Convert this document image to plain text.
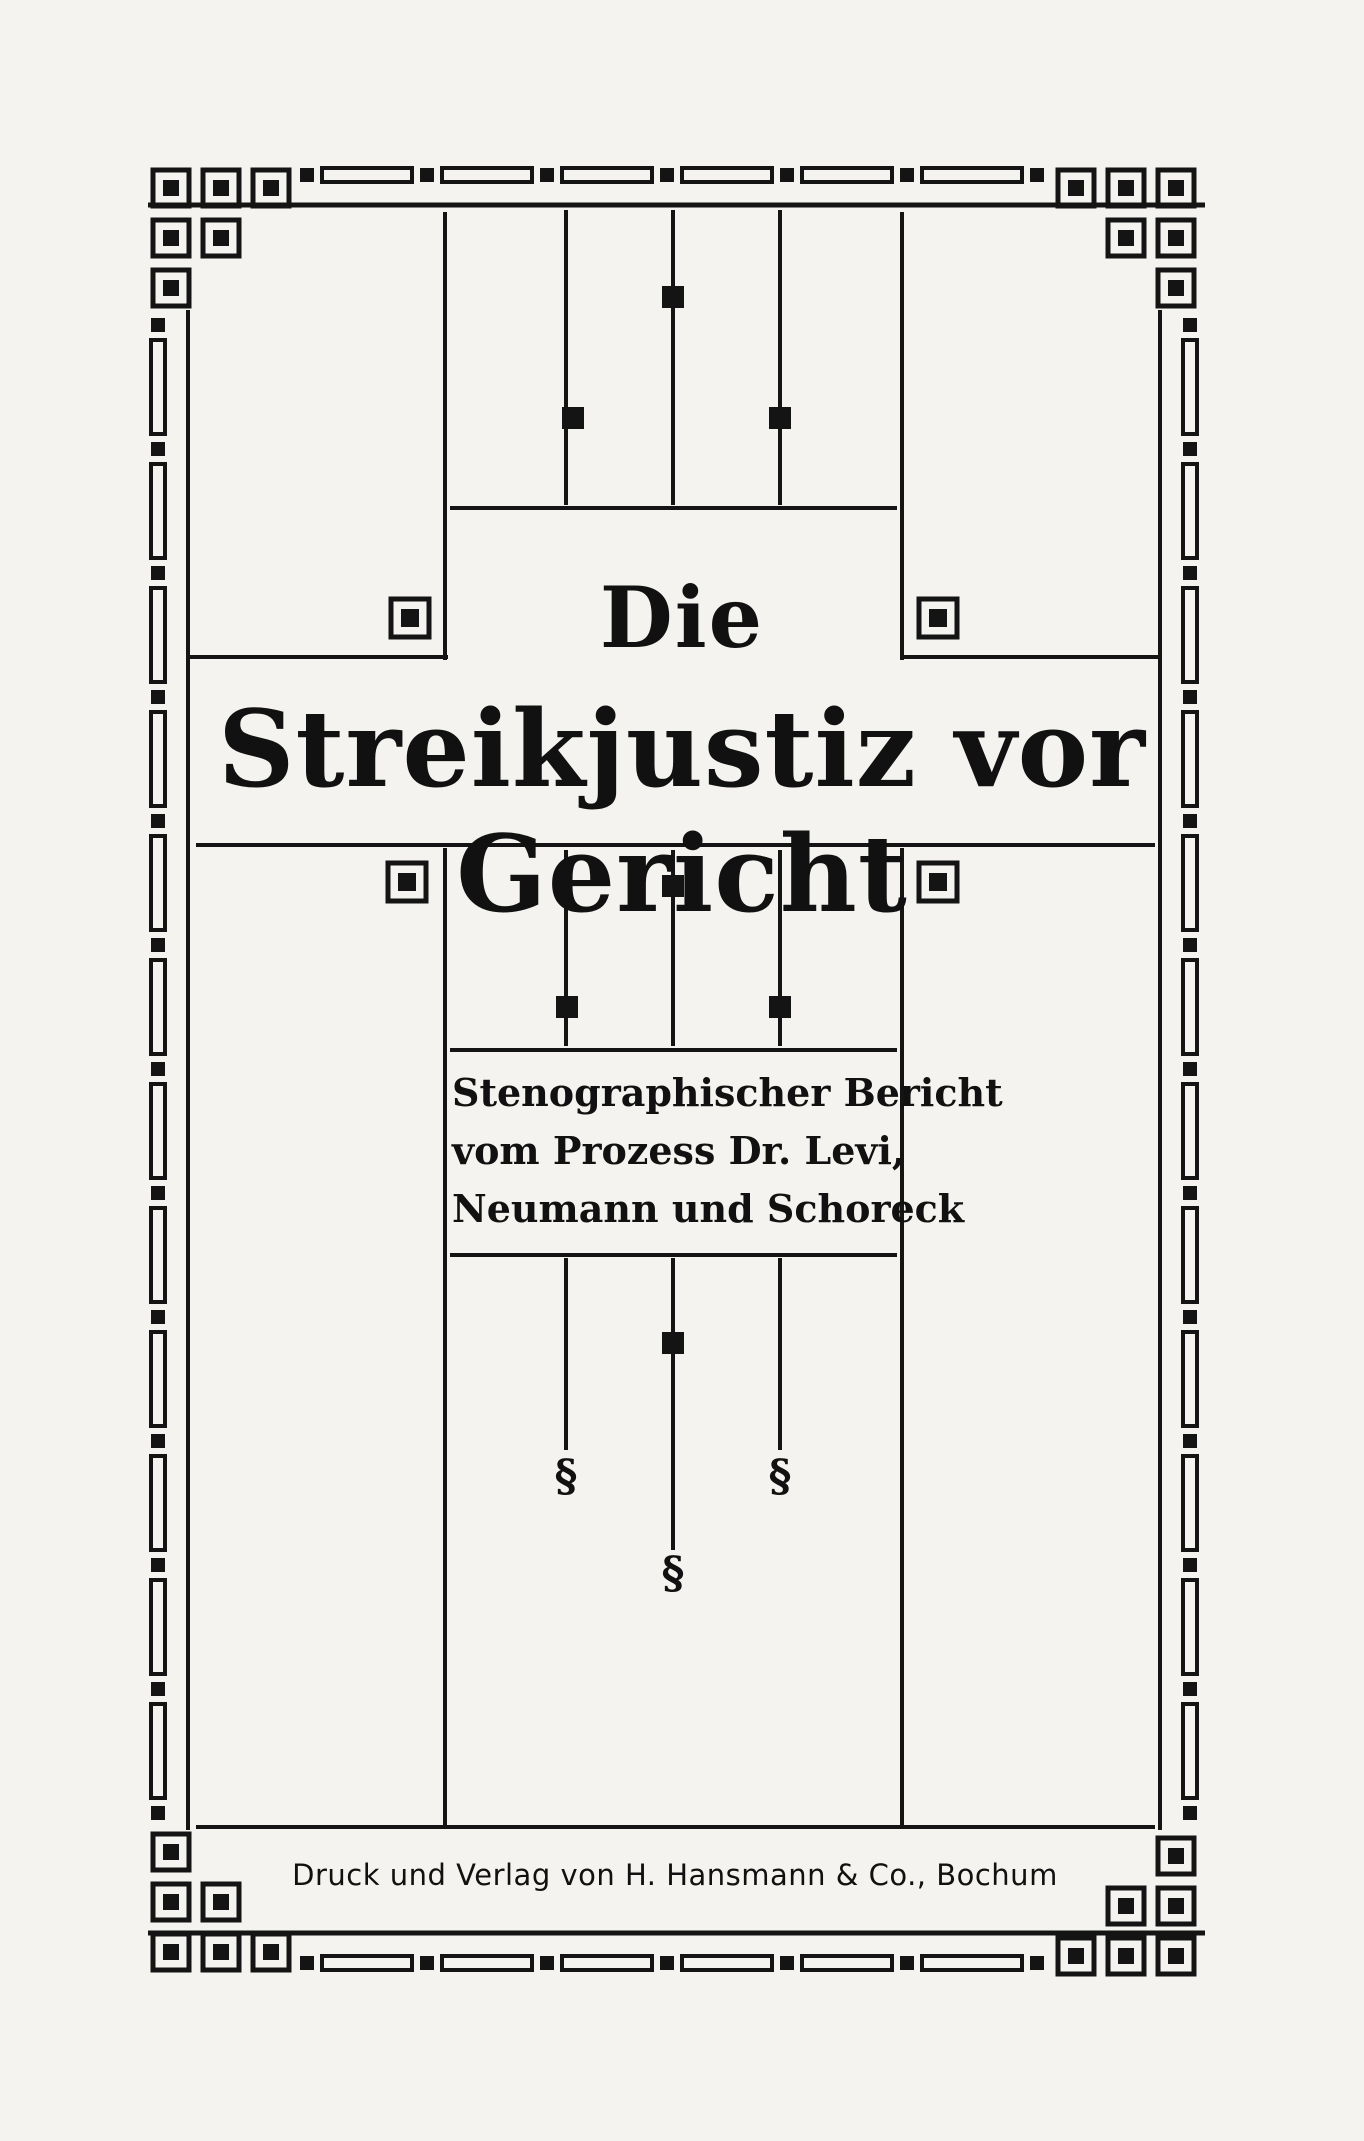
Die
Streikjustiz vor Gericht
Stenographischer Bericht
vom Prozess Dr. Levi,
Neumann und Schoreck
§	§
§

Druck und Verlag von H. Hansmann & Co., Bochum
